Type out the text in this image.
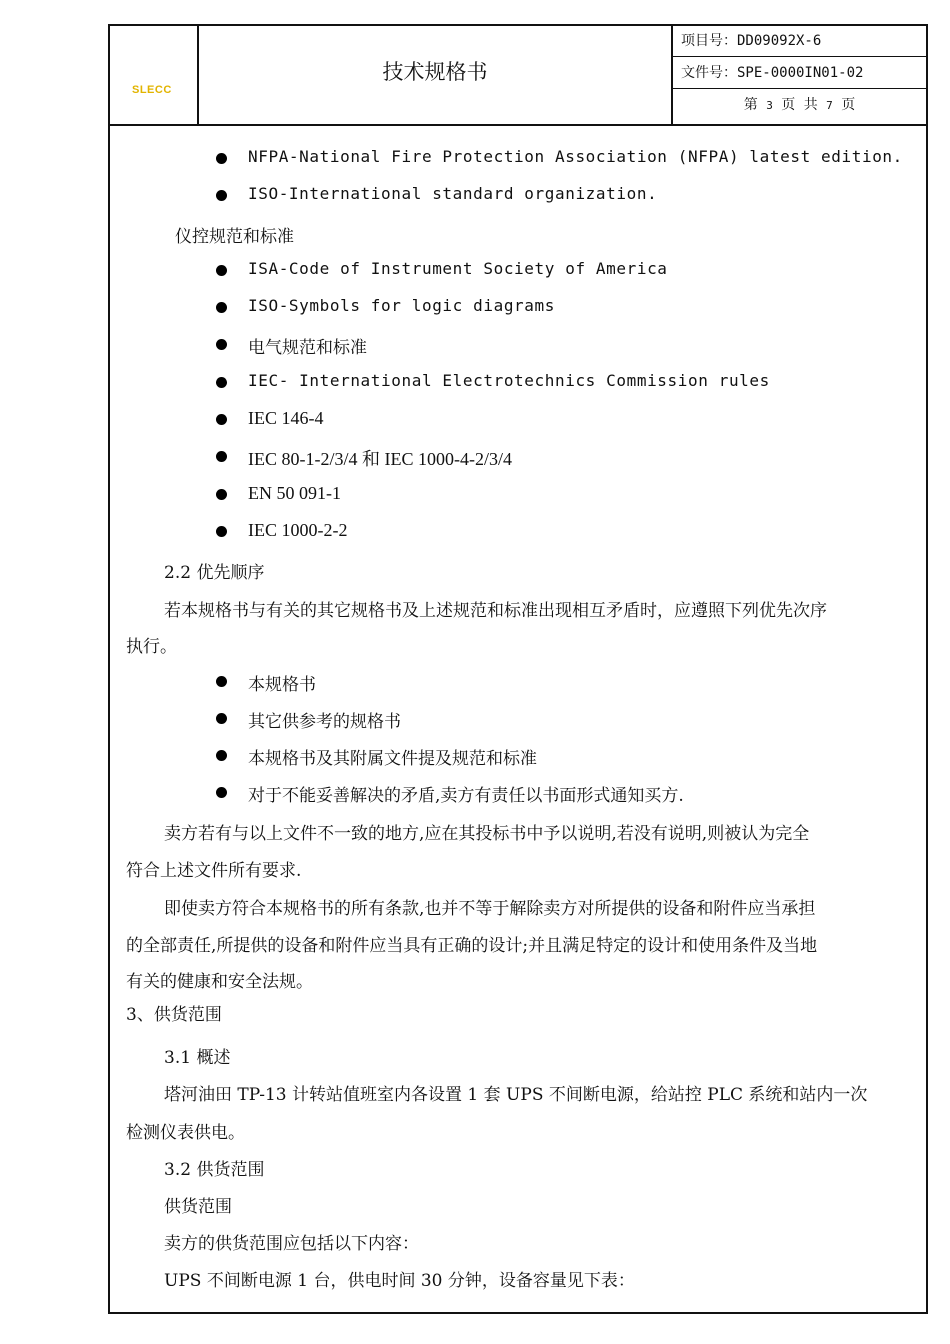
SLECC
技术规格书
项目号：DD09092X-6
文件号：SPE-0000IN01-02
第 3 页 共 7 页
NFPA-National Fire Protection Association (NFPA) latest edition.
ISO-International standard organization.
仪控规范和标准
ISA-Code of Instrument Society of America
ISO-Symbols for logic diagrams
电气规范和标准
IEC- International Electrotechnics Commission rules
IEC 146-4
IEC 80-1-2/3/4 和 IEC 1000-4-2/3/4
EN 50 091-1
IEC 1000-2-2
2.2 优先顺序
若本规格书与有关的其它规格书及上述规范和标准出现相互矛盾时，应遵照下列优先次序
执行。
本规格书
其它供参考的规格书
本规格书及其附属文件提及规范和标准
对于不能妥善解决的矛盾,卖方有责任以书面形式通知买方.
卖方若有与以上文件不一致的地方,应在其投标书中予以说明,若没有说明,则被认为完全
符合上述文件所有要求.
即使卖方符合本规格书的所有条款,也并不等于解除卖方对所提供的设备和附件应当承担
的全部责任,所提供的设备和附件应当具有正确的设计;并且满足特定的设计和使用条件及当地
有关的健康和安全法规。
3、供货范围
3.1 概述
塔河油田 TP-13 计转站值班室内各设置 1 套 UPS 不间断电源，给站控 PLC 系统和站内一次
检测仪表供电。
3.2 供货范围
供货范围
卖方的供货范围应包括以下内容：
UPS 不间断电源 1 台，供电时间 30 分钟，设备容量见下表：
